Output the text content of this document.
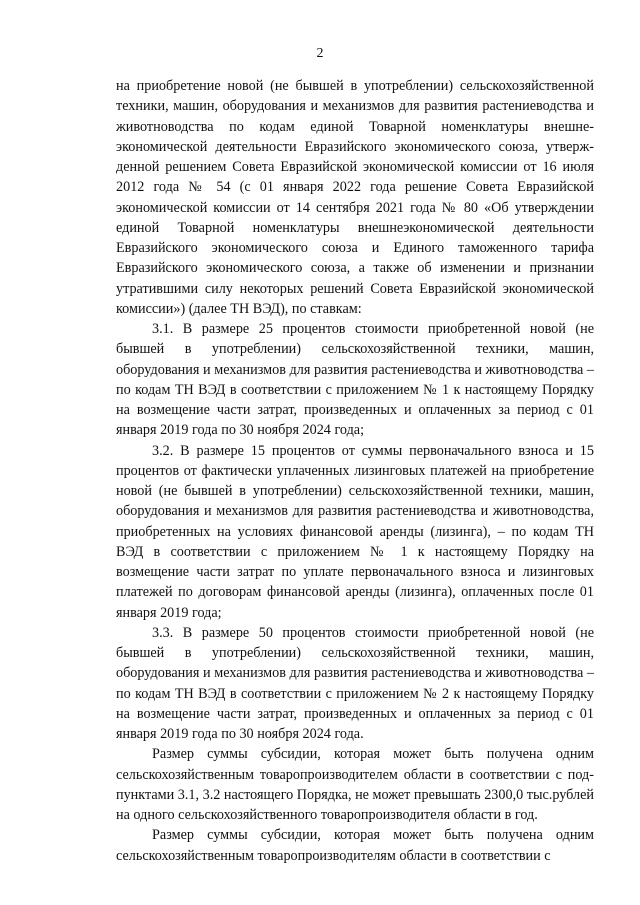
2

на приобретение новой (не бывшей в употреблении) сельскохозяйственной техники, машин, оборудования и механизмов для развития растениеводства и животноводства по кодам единой Товарной номенклатуры внешне-экономической деятельности Евразийского экономического союза, утверж-денной решением Совета Евразийской экономической комиссии от 16 июля 2012 года № 54 (с 01 января 2022 года решение Совета Евразийской экономической комиссии от 14 сентября 2021 года № 80 «Об утверждении единой Товарной номенклатуры внешнеэкономической деятельности Евразийского экономического союза и Единого таможенного тарифа Евразийского экономического союза, а также об изменении и признании утратившими силу некоторых решений Совета Евразийской экономической комиссии») (далее ТН ВЭД), по ставкам:

3.1. В размере 25 процентов стоимости приобретенной новой (не бывшей в употреблении) сельскохозяйственной техники, машин, оборудования и механизмов для развития растениеводства и животноводства – по кодам ТН ВЭД в соответствии с приложением № 1 к настоящему Порядку на возмещение части затрат, произведенных и оплаченных за период с 01 января 2019 года по 30 ноября 2024 года;

3.2. В размере 15 процентов от суммы первоначального взноса и 15 процентов от фактически уплаченных лизинговых платежей на приобретение новой (не бывшей в употреблении) сельскохозяйственной техники, машин, оборудования и механизмов для развития растениеводства и животноводства, приобретенных на условиях финансовой аренды (лизинга), – по кодам ТН ВЭД в соответствии с приложением № 1 к настоящему Порядку на возмещение части затрат по уплате первоначального взноса и лизинговых платежей по договорам финансовой аренды (лизинга), оплаченных после 01 января 2019 года;

3.3. В размере 50 процентов стоимости приобретенной новой (не бывшей в употреблении) сельскохозяйственной техники, машин, оборудования и механизмов для развития растениеводства и животноводства – по кодам ТН ВЭД в соответствии с приложением № 2 к настоящему Порядку на возмещение части затрат, произведенных и оплаченных за период с 01 января 2019 года по 30 ноября 2024 года.

Размер суммы субсидии, которая может быть получена одним сельскохозяйственным товаропроизводителем области в соответствии с под-пунктами 3.1, 3.2 настоящего Порядка, не может превышать 2300,0 тыс.рублей на одного сельскохозяйственного товаропроизводителя области в год.

Размер суммы субсидии, которая может быть получена одним сельскохозяйственным товаропроизводителям области в соответствии с
